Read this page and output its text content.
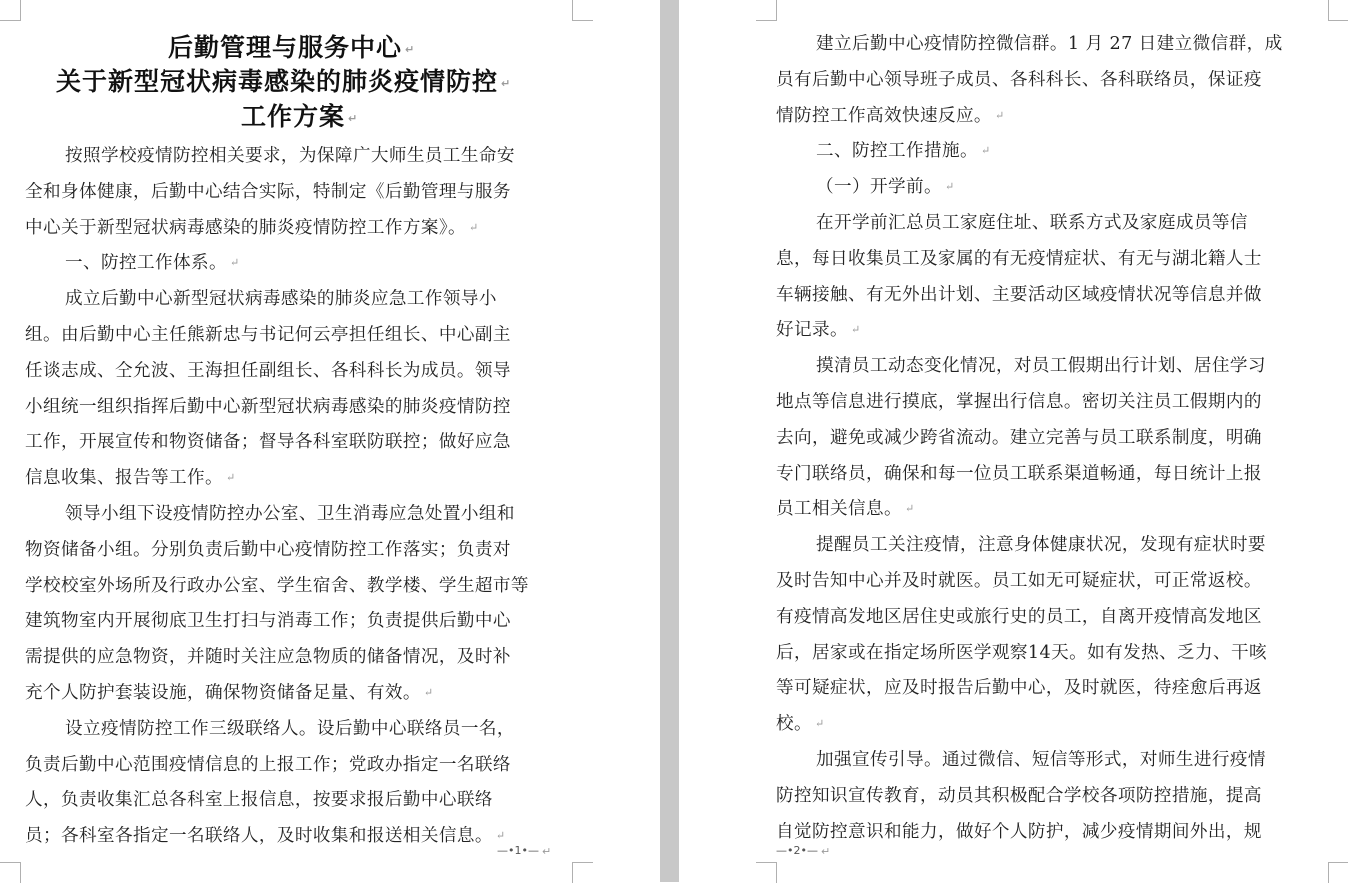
后勤管理与服务中心 ↵
关于新型冠状病毒感染的肺炎疫情防控 ↵
工作方案 ↵
按照学校疫情防控相关要求，为保障广大师生员工生命安
全和身体健康，后勤中心结合实际，特制定《后勤管理与服务
中心关于新型冠状病毒感染的肺炎疫情防控工作方案》。 ↵
一、防控工作体系。 ↵
成立后勤中心新型冠状病毒感染的肺炎应急工作领导小
组。由后勤中心主任熊新忠与书记何云亭担任组长、中心副主
任谈志成、仝允波、王海担任副组长、各科科长为成员。领导
小组统一组织指挥后勤中心新型冠状病毒感染的肺炎疫情防控
工作，开展宣传和物资储备；督导各科室联防联控；做好应急
信息收集、报告等工作。 ↵
领导小组下设疫情防控办公室、卫生消毒应急处置小组和
物资储备小组。分别负责后勤中心疫情防控工作落实；负责对
学校校室外场所及行政办公室、学生宿舍、教学楼、学生超市等
建筑物室内开展彻底卫生打扫与消毒工作；负责提供后勤中心
需提供的应急物资，并随时关注应急物质的储备情况，及时补
充个人防护套装设施，确保物资储备足量、有效。 ↵
设立疫情防控工作三级联络人。设后勤中心联络员一名，
负责后勤中心范围疫情信息的上报工作；党政办指定一名联络
人，负责收集汇总各科室上报信息，按要求报后勤中心联络
员；各科室各指定一名联络人，及时收集和报送相关信息。 ↵
—•1•— ↵
建立后勤中心疫情防控微信群。1 月 27 日建立微信群，成
员有后勤中心领导班子成员、各科科长、各科联络员，保证疫
情防控工作高效快速反应。 ↵
二、防控工作措施。 ↵
（一）开学前。 ↵
在开学前汇总员工家庭住址、联系方式及家庭成员等信
息，每日收集员工及家属的有无疫情症状、有无与湖北籍人士
车辆接触、有无外出计划、主要活动区域疫情状况等信息并做
好记录。 ↵
摸清员工动态变化情况，对员工假期出行计划、居住学习
地点等信息进行摸底，掌握出行信息。密切关注员工假期内的
去向，避免或减少跨省流动。建立完善与员工联系制度，明确
专门联络员，确保和每一位员工联系渠道畅通，每日统计上报
员工相关信息。 ↵
提醒员工关注疫情，注意身体健康状况，发现有症状时要
及时告知中心并及时就医。员工如无可疑症状，可正常返校。
有疫情高发地区居住史或旅行史的员工，自离开疫情高发地区
后，居家或在指定场所医学观察14天。如有发热、乏力、干咳
等可疑症状，应及时报告后勤中心，及时就医，待痊愈后再返
校。 ↵
加强宣传引导。通过微信、短信等形式，对师生进行疫情
防控知识宣传教育，动员其积极配合学校各项防控措施，提高
自觉防控意识和能力，做好个人防护，减少疫情期间外出，规
—•2•— ↵
